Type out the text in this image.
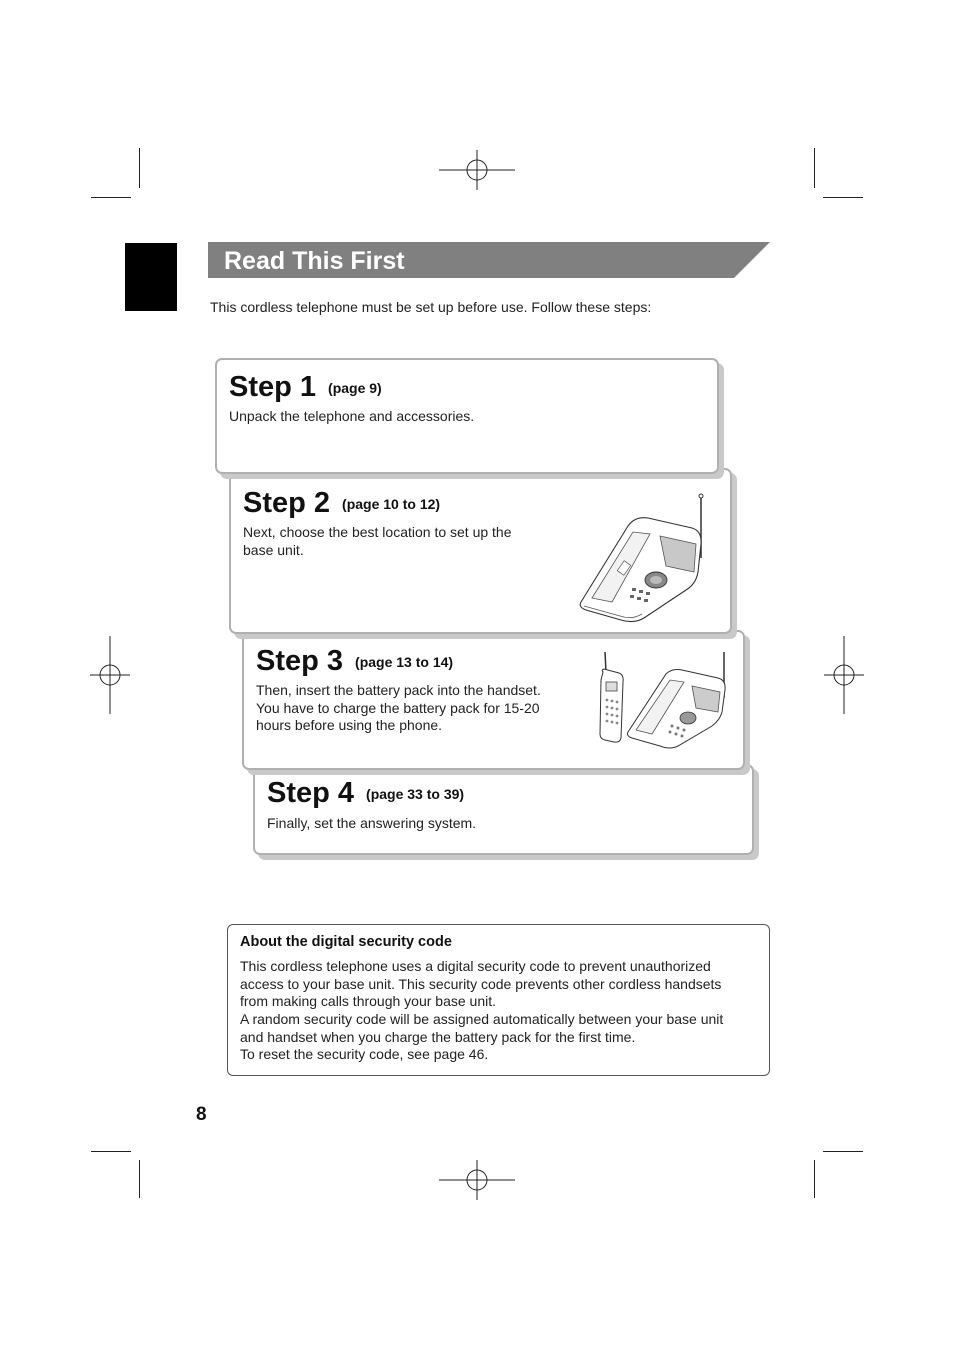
Read This First
This cordless telephone must be set up before use. Follow these steps:
Step 4 (page 33 to 39)
Finally, set the answering system.
Step 3 (page 13 to 14)
Then, insert the battery pack into the handset.
You have to charge the battery pack for 15-20
hours before using the phone.
Step 2 (page 10 to 12)
Next, choose the best location to set up the
base unit.
Step 1 (page 9)
Unpack the telephone and accessories.
About the digital security code
This cordless telephone uses a digital security code to prevent unauthorized
access to your base unit. This security code prevents other cordless handsets
from making calls through your base unit.
A random security code will be assigned automatically between your base unit
and handset when you charge the battery pack for the first time.
To reset the security code, see page 46.
8
